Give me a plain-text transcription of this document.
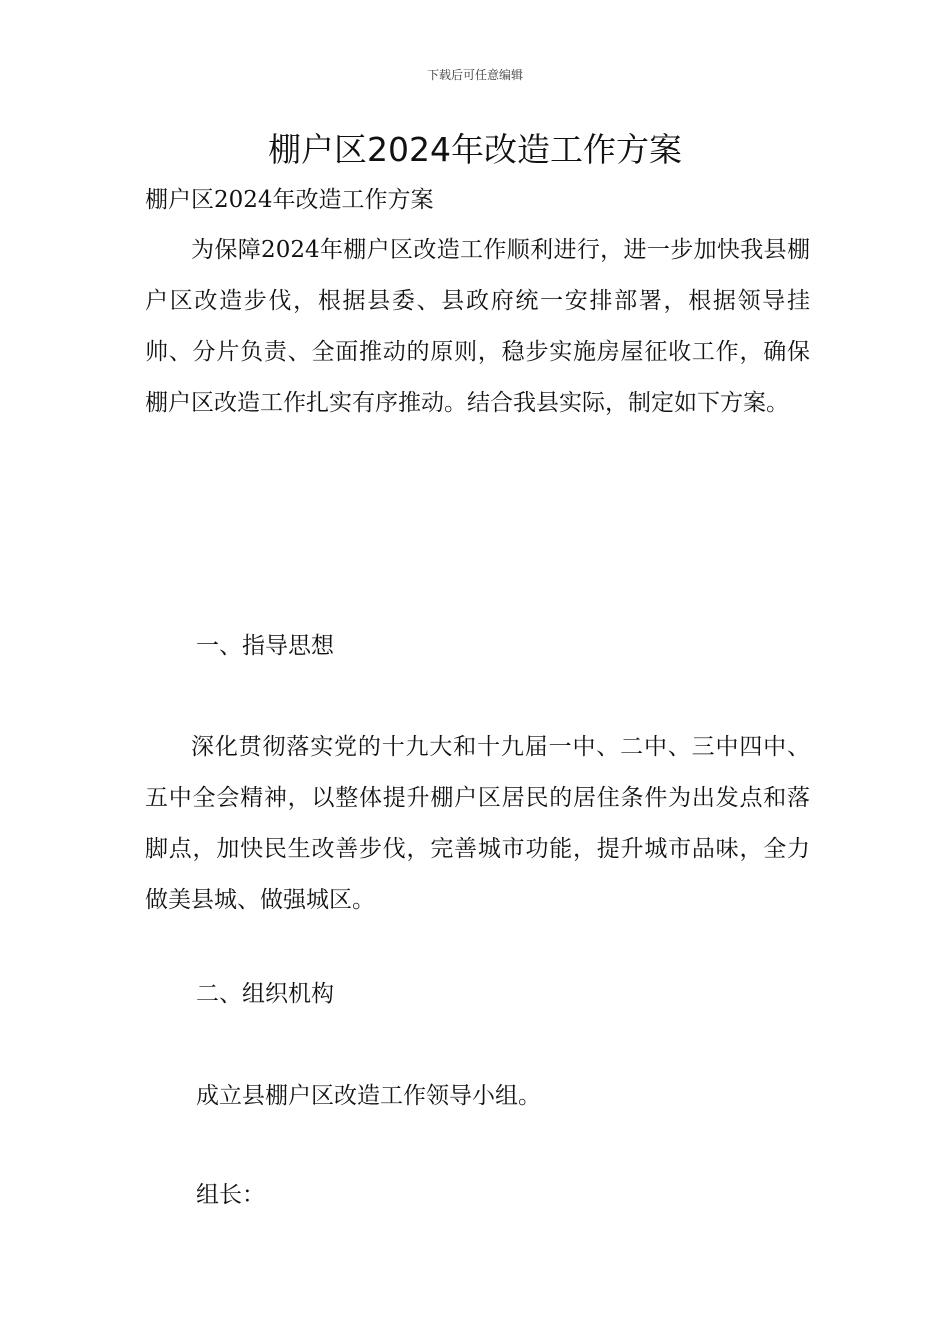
下载后可任意编辑
棚户区2024年改造工作方案

棚户区2024年改造工作方案

为保障2024年棚户区改造工作顺利进行，进一步加快我县棚户区改造步伐，根据县委、县政府统一安排部署，根据领导挂帅、分片负责、全面推动的原则，稳步实施房屋征收工作，确保棚户区改造工作扎实有序推动。结合我县实际，制定如下方案。

一、指导思想

深化贯彻落实党的十九大和十九届一中、二中、三中四中、五中全会精神，以整体提升棚户区居民的居住条件为出发点和落脚点，加快民生改善步伐，完善城市功能，提升城市品味，全力做美县城、做强城区。

二、组织机构

成立县棚户区改造工作领导小组。

组长：
